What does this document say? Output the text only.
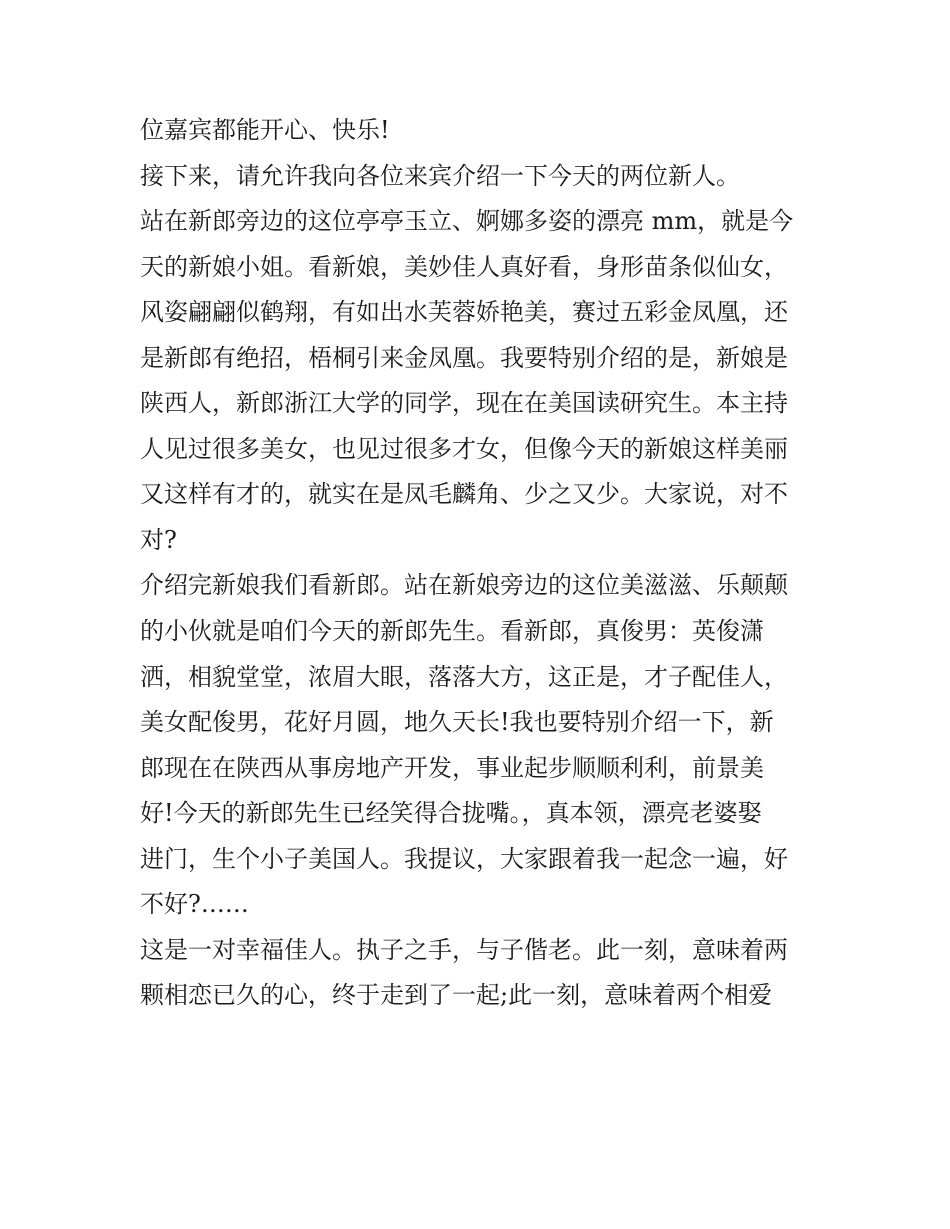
位嘉宾都能开心、快乐!
接下来，请允许我向各位来宾介绍一下今天的两位新人。
站在新郎旁边的这位亭亭玉立、婀娜多姿的漂亮 mm，就是今
天的新娘小姐。看新娘，美妙佳人真好看，身形苗条似仙女，
风姿翩翩似鹤翔，有如出水芙蓉娇艳美，赛过五彩金凤凰，还
是新郎有绝招，梧桐引来金凤凰。我要特别介绍的是，新娘是
陕西人，新郎浙江大学的同学，现在在美国读研究生。本主持
人见过很多美女，也见过很多才女，但像今天的新娘这样美丽
又这样有才的，就实在是凤毛麟角、少之又少。大家说，对不
对?
介绍完新娘我们看新郎。站在新娘旁边的这位美滋滋、乐颠颠
的小伙就是咱们今天的新郎先生。看新郎，真俊男：英俊潇
洒，相貌堂堂，浓眉大眼，落落大方，这正是，才子配佳人，
美女配俊男，花好月圆，地久天长!我也要特别介绍一下，新
郎现在在陕西从事房地产开发，事业起步顺顺利利，前景美
好!今天的新郎先生已经笑得合拢嘴。，真本领，漂亮老婆娶
进门，生个小子美国人。我提议，大家跟着我一起念一遍，好
不好?……
这是一对幸福佳人。执子之手，与子偕老。此一刻，意味着两
颗相恋已久的心，终于走到了一起;此一刻，意味着两个相爱
